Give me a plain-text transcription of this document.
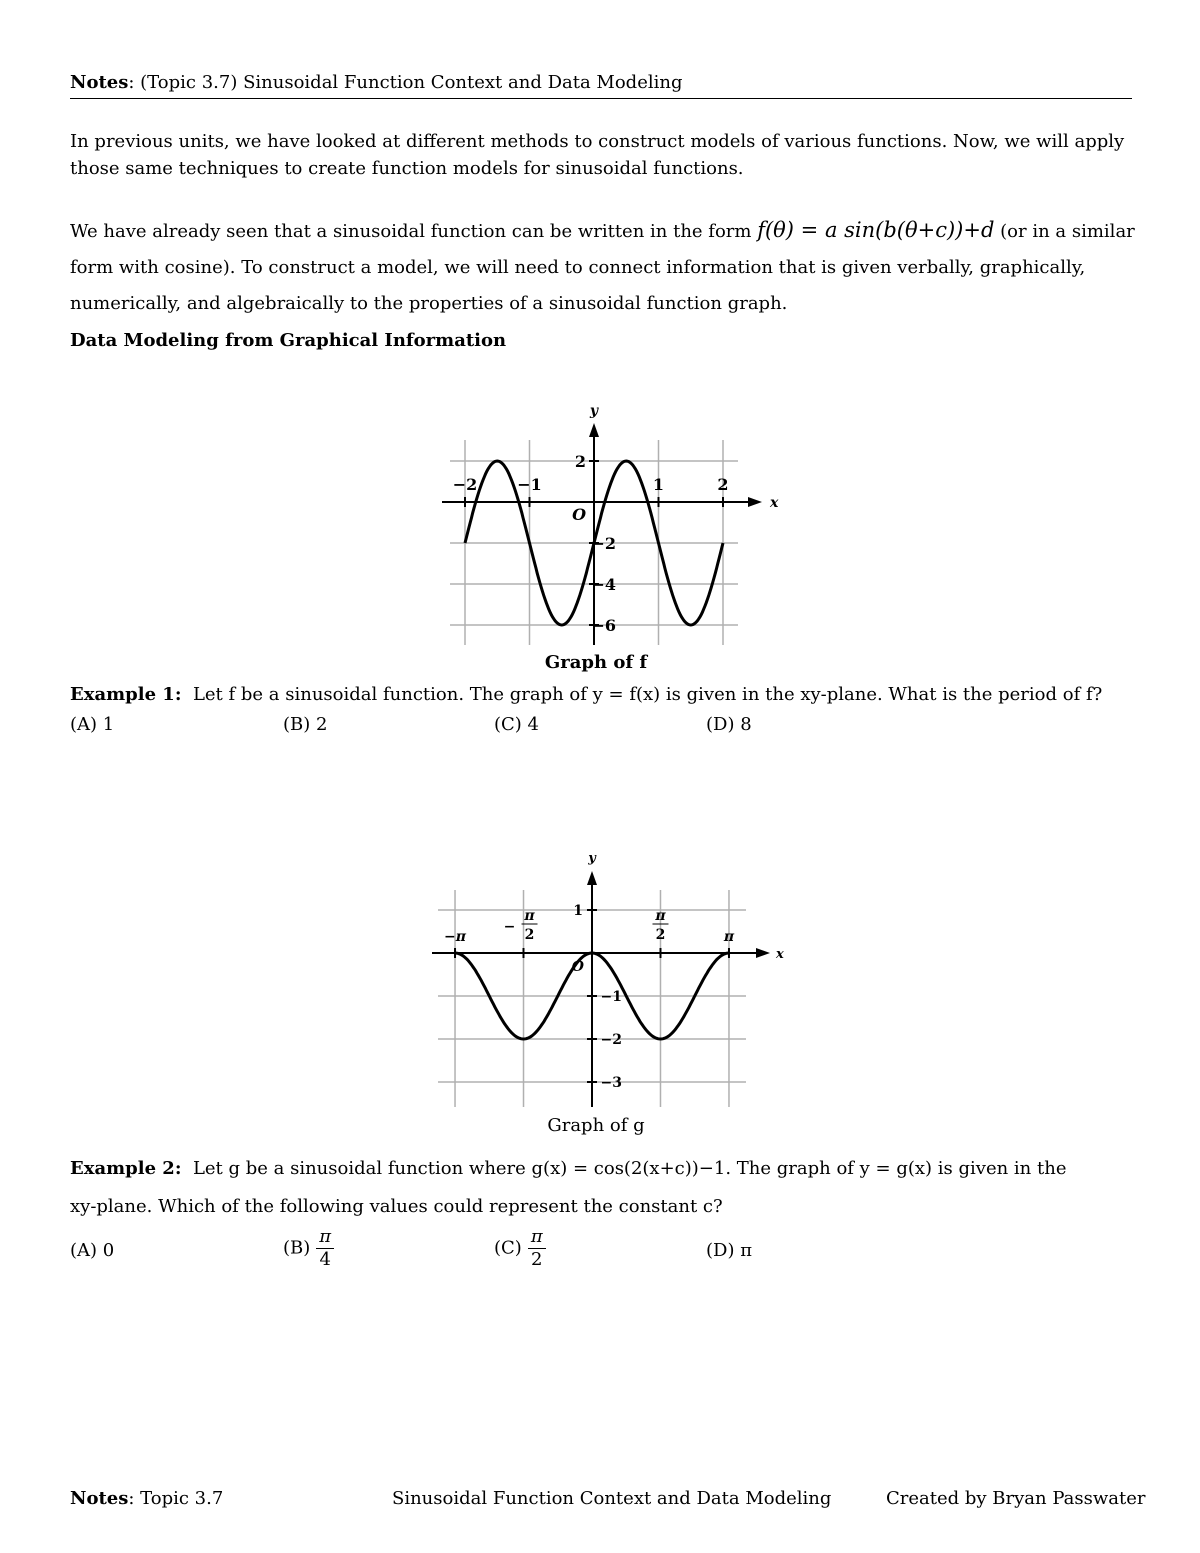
Notes: (Topic 3.7) Sinusoidal Function Context and Data Modeling
In previous units, we have looked at different methods to construct models of various functions. Now, we will apply those same techniques to create function models for sinusoidal functions.
We have already seen that a sinusoidal function can be written in the form f(θ) = a sin(b(θ+c))+d (or in a similar form with cosine). To construct a model, we will need to connect information that is given verbally, graphically, numerically, and algebraically to the properties of a sinusoidal function graph.
Data Modeling from Graphical Information
−2 −1	1	2
2
−2
−4
−6
x
y
O
Graph of f
Example 1: Let f be a sinusoidal function. The graph of y = f(x) is given in the xy-plane. What is the period of f?
(A) 1	(B) 2	(C) 4	(D) 8
−π
−
π
2
π
2	π
1
−1
−2
−3
x
y
O
Graph of g
Example 2: Let g be a sinusoidal function where g(x) = cos(2(x+c))−1. The graph of y = g(x) is given in the
xy-plane. Which of the following values could represent the constant c?
(A) 0	$(B) \frac{\pi}{4}$	$(C) \frac{\pi}{2}$	(D) π
Notes: Topic 3.7	Sinusoidal Function Context and Data Modeling	Created by Bryan Passwater
